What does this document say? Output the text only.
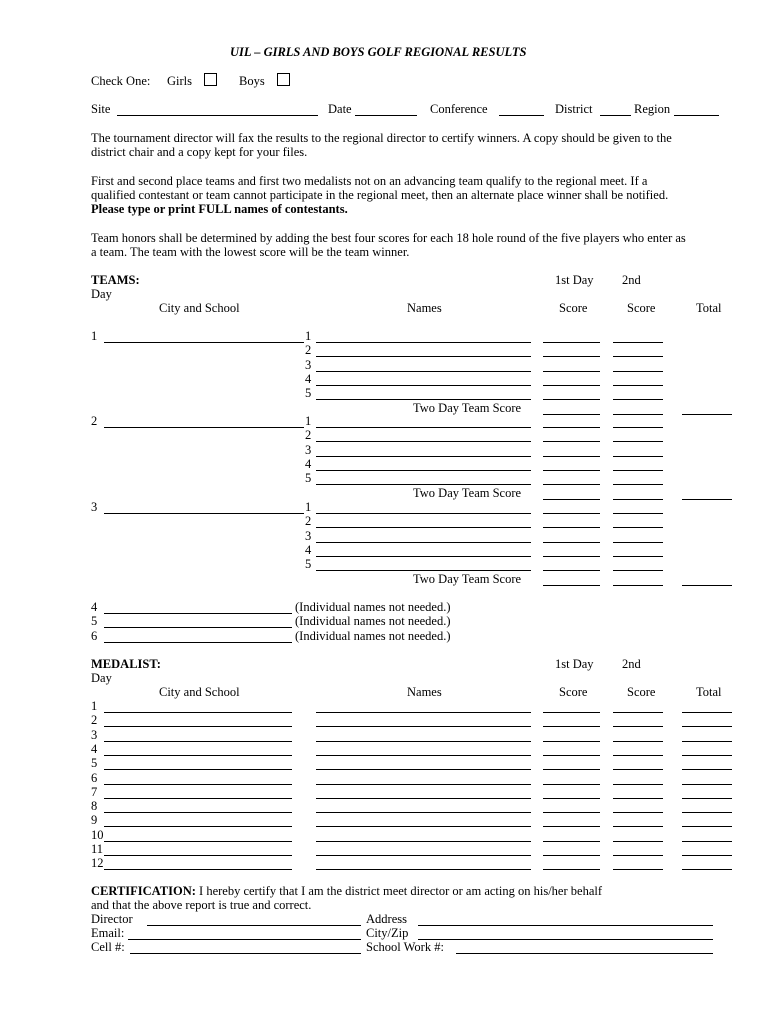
UIL – GIRLS AND BOYS GOLF REGIONAL RESULTS
Check One: Girls	Boys
Site	Date	Conference	District	Region
The tournament director will fax the results to the regional director to certify winners. A copy should be given to the district chair and a copy kept for your files.
First and second place teams and first two medalists not on an advancing team qualify to the regional meet. If a qualified contestant or team cannot participate in the regional meet, then an alternate place winner shall be notified. Please type or print FULL names of contestants.
Team honors shall be determined by adding the best four scores for each 18 hole round of the five players who enter as a team. The team with the lowest score will be the team winner.
TEAMS:
Day
1st Day 2nd
City and School	Names	Score	Score	Total
1	1
2
3
4
5
Two Day Team Score
2	1
2
3
4
5
Two Day Team Score
3	1
2
3
4
5
Two Day Team Score
4	(Individual names not needed.)
5	(Individual names not needed.)
6	(Individual names not needed.)
MEDALIST:
Day
1st Day 2nd
City and School	Names	Score	Score	Total
1
2
3
4
5
6
7
8
9
10
11
12
CERTIFICATION: I hereby certify that I am the district meet director or am acting on his/her behalf
and that the above report is true and correct.
Director	Address
Email:	City/Zip
Cell #:	School Work #:
